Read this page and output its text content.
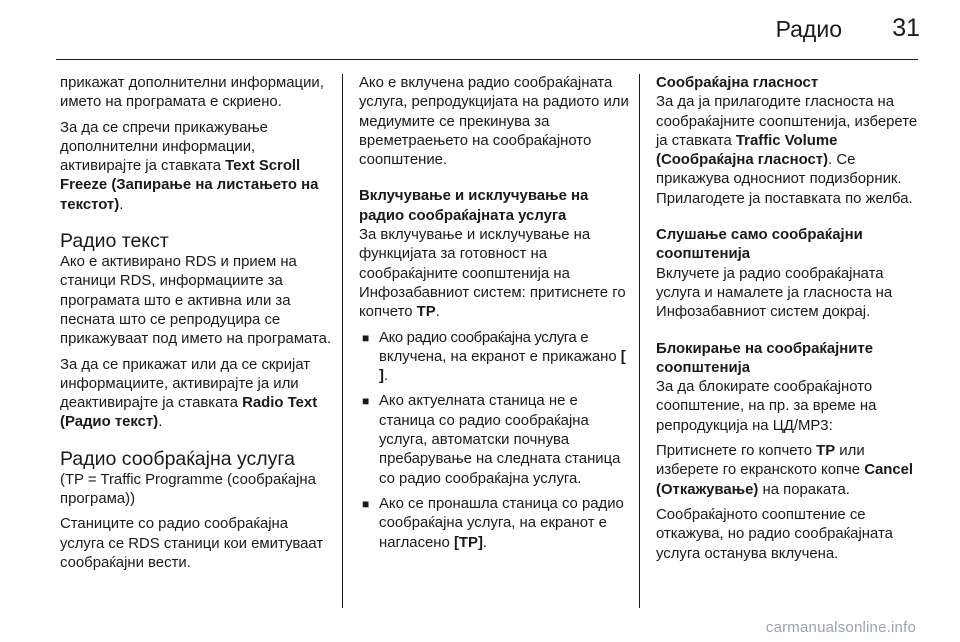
Радио 31

прикажат дополнителни информации, името на програмата е скриено.

За да се спречи прикажување дополнителни информации, активирајте ја ставката Text Scroll Freeze (Запирање на листањето на текстот).

Радио текст

Ако е активирано RDS и прием на станици RDS, информациите за програмата што е активна или за песната што се репродуцира се прикажуваат под името на програмата.

За да се прикажат или да се скријат информациите, активирајте ја или деактивирајте ја ставката Radio Text (Радио текст).

Радио сообраќајна услуга

(TP = Traffic Programme (сообраќајна програма))

Станиците со радио сообраќајна услуга се RDS станици кои емитуваат сообраќајни вести.

Ако е вклучена радио сообраќајната услуга, репродукцијата на радиото или медиумите се прекинува за времетраењето на сообраќајното соопштение.

Вклучување и исклучување на радио сообраќајната услуга

За вклучување и исклучување на функцијата за готовност на сообраќајните соопштенија на Инфозабавниот систем: притиснете го копчето TP.

■ Ако радио сообраќајна услуга е вклучена, на екранот е прикажано [ ].
■ Ако актуелната станица не е станица со радио сообраќајна услуга, автоматски почнува пребарување на следната станица со радио сообраќајна услуга.
■ Ако се пронашла станица со радио сообраќајна услуга, на екранот е нагласено [TP].
Сообраќајна гласност

За да ја прилагодите гласноста на сообраќајните соопштенија, изберете ја ставката Traffic Volume (Сообраќајна гласност). Се прикажува односниот подизборник. Прилагодете ја поставката по желба.

Слушање само сообраќајни соопштенија

Вклучете ја радио сообраќајната услуга и намалете ја гласноста на Инфозабавниот систем докрај.

Блокирање на сообраќајните соопштенија

За да блокирате сообраќајното соопштение, на пр. за време на репродукција на ЦД/MP3:

Притиснете го копчето TP или изберете го екранското копче Cancel (Откажување) на пораката.

Сообраќајното соопштение се откажува, но радио сообраќајната услуга останува вклучена.

carmanualsonline.info
